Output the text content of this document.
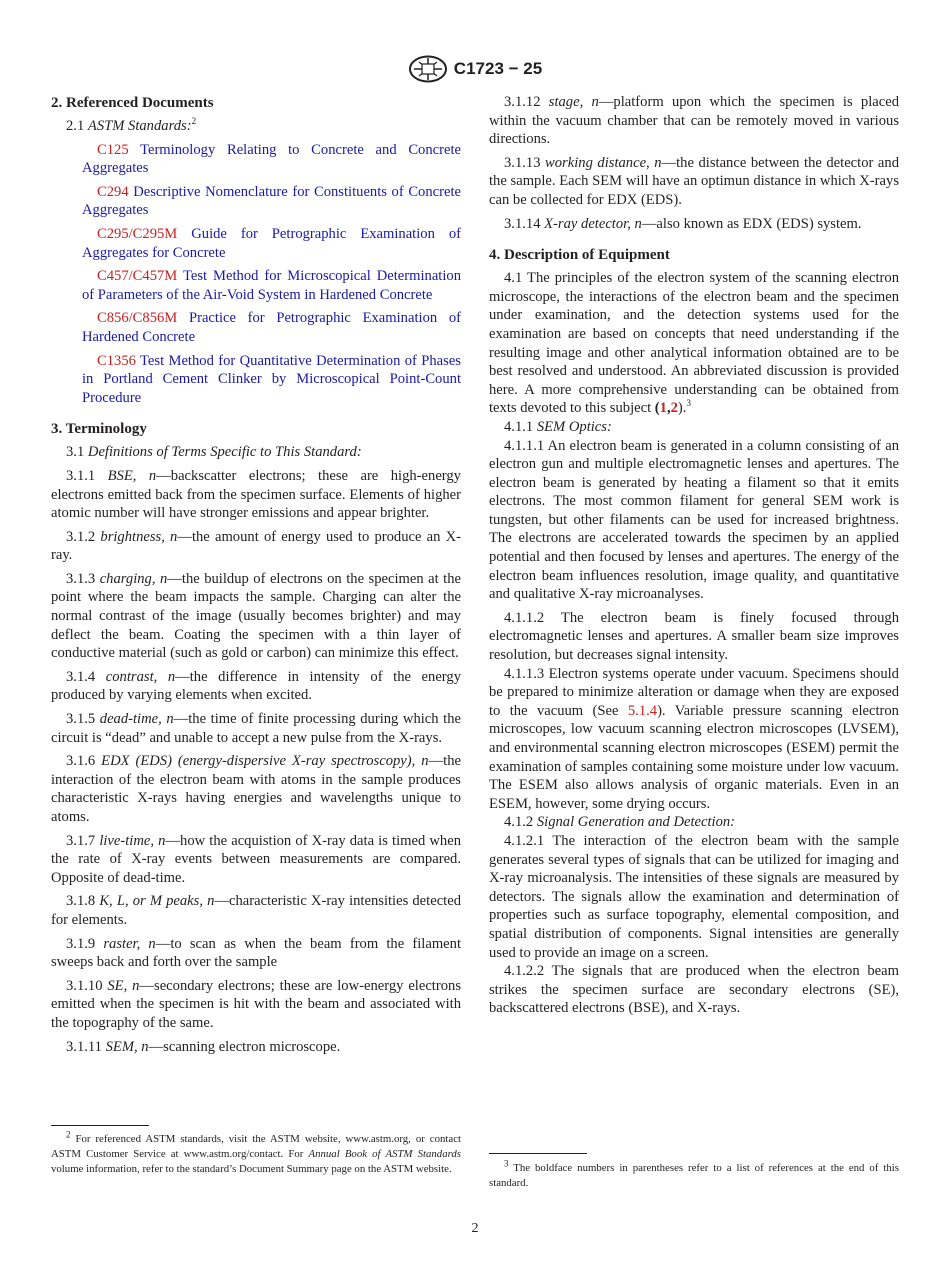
C1723 − 25
2. Referenced Documents

2.1 ASTM Standards:$^2$

C125 Terminology Relating to Concrete and Concrete Aggregates

C294 Descriptive Nomenclature for Constituents of Concrete Aggregates

C295/C295M Guide for Petrographic Examination of Aggregates for Concrete

C457/C457M Test Method for Microscopical Determination of Parameters of the Air-Void System in Hardened Concrete

C856/C856M Practice for Petrographic Examination of Hardened Concrete

C1356 Test Method for Quantitative Determination of Phases in Portland Cement Clinker by Microscopical Point-Count Procedure

3. Terminology

3.1 Definitions of Terms Specific to This Standard:

3.1.1 BSE, n—backscatter electrons; these are high-energy electrons emitted back from the specimen surface. Elements of higher atomic number will have stronger emissions and appear brighter.

3.1.2 brightness, n—the amount of energy used to produce an X-ray.

3.1.3 charging, n—the buildup of electrons on the specimen at the point where the beam impacts the sample. Charging can alter the normal contrast of the image (usually becomes brighter) and may deflect the beam. Coating the specimen with a thin layer of conductive material (such as gold or carbon) can minimize this effect.

3.1.4 contrast, n—the difference in intensity of the energy produced by varying elements when excited.

3.1.5 dead-time, n—the time of finite processing during which the circuit is “dead” and unable to accept a new pulse from the X-rays.

3.1.6 EDX (EDS) (energy-dispersive X-ray spectroscopy), n—the interaction of the electron beam with atoms in the sample produces characteristic X-rays having energies and wavelengths unique to atoms.

3.1.7 live-time, n—how the acquistion of X-ray data is timed when the rate of X-ray events between measurements are compared. Opposite of dead-time.

3.1.8 K, L, or M peaks, n—characteristic X-ray intensities detected for elements.

3.1.9 raster, n—to scan as when the beam from the filament sweeps back and forth over the sample

3.1.10 SE, n—secondary electrons; these are low-energy electrons emitted when the specimen is hit with the beam and associated with the topography of the same.

3.1.11 SEM, n—scanning electron microscope.

3.1.12 stage, n—platform upon which the specimen is placed within the vacuum chamber that can be remotely moved in various directions.

3.1.13 working distance, n—the distance between the detector and the sample. Each SEM will have an optimun distance in which X-rays can be collected for EDX (EDS).

3.1.14 X-ray detector, n—also known as EDX (EDS) system.

4. Description of Equipment

4.1 The principles of the electron system of the scanning electron microscope, the interactions of the electron beam and the specimen under examination, and the detection systems used for the examination are based on concepts that need understanding if the resulting image and other analytical information obtained are to be best resolved and understood. An abbreviated discussion is provided here. A more comprehensive understanding can be obtained from texts devoted to this subject (1,2).$^3$

4.1.1 SEM Optics:

4.1.1.1 An electron beam is generated in a column consisting of an electron gun and multiple electromagnetic lenses and apertures. The electron beam is generated by heating a filament so that it emits electrons. The most common filament for general SEM work is tungsten, but other filaments can be used for increased brightness. The electrons are accelerated towards the specimen by an applied potential and then focused by lenses and apertures. The energy of the electron beam influences resolution, image quality, and quantitative and qualitative X-ray microanalyses.

4.1.1.2 The electron beam is finely focused through electromagnetic lenses and apertures. A smaller beam size improves resolution, but decreases signal intensity.

4.1.1.3 Electron systems operate under vacuum. Specimens should be prepared to minimize alteration or damage when they are exposed to the vacuum (See 5.1.4). Variable pressure scanning electron microscopes, low vacuum scanning electron microscopes (LVSEM), and environmental scanning electron microscopes (ESEM) permit the examination of samples containing some moisture under low vacuum. The ESEM also allows analysis of organic materials. Even in an ESEM, however, some drying occurs.

4.1.2 Signal Generation and Detection:

4.1.2.1 The interaction of the electron beam with the sample generates several types of signals that can be utilized for imaging and X-ray microanalysis. The intensities of these signals are measured by detectors. The signals allow the examination and determination of properties such as surface topography, elemental composition, and spatial distribution of components. Signal intensities are generally used to provide an image on a screen.

4.1.2.2 The signals that are produced when the electron beam strikes the specimen surface are secondary electrons (SE), backscattered electrons (BSE), and X-rays.

$^2$ For referenced ASTM standards, visit the ASTM website, www.astm.org, or contact ASTM Customer Service at www.astm.org/contact. For Annual Book of ASTM Standards volume information, refer to the standard’s Document Summary page on the ASTM website.	$^3$ The boldface numbers in parentheses refer to a list of references at the end of this standard.
2
